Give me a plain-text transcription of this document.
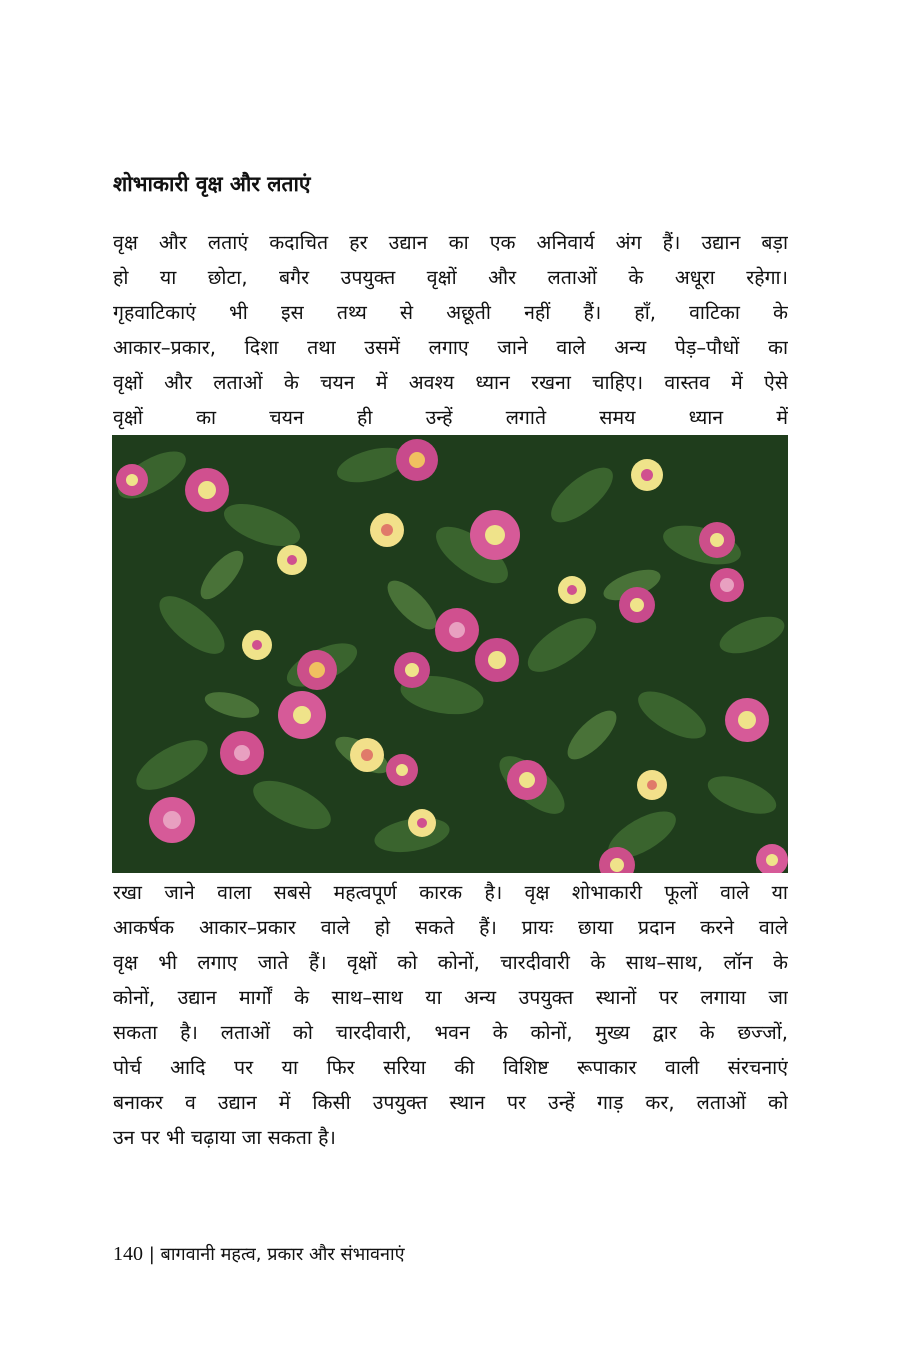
शोभाकारी वृक्ष और लताएं
वृक्ष और लताएं कदाचित हर उद्यान का एक अनिवार्य अंग हैं। उद्यान बड़ा
हो या छोटा, बगैर उपयुक्त वृक्षों और लताओं के अधूरा रहेगा।
गृहवाटिकाएं भी इस तथ्य से अछूती नहीं हैं। हाँ, वाटिका के
आकार–प्रकार, दिशा तथा उसमें लगाए जाने वाले अन्य पेड़–पौधों का
वृक्षों और लताओं के चयन में अवश्य ध्यान रखना चाहिए। वास्तव में ऐसे
वृक्षों का चयन ही उन्हें लगाते समय ध्यान में
रखा जाने वाला सबसे महत्वपूर्ण कारक है। वृक्ष शोभाकारी फूलों वाले या
आकर्षक आकार–प्रकार वाले हो सकते हैं। प्रायः छाया प्रदान करने वाले
वृक्ष भी लगाए जाते हैं। वृक्षों को कोनों, चारदीवारी के साथ–साथ, लॉन के
कोनों, उद्यान मार्गों के साथ–साथ या अन्य उपयुक्त स्थानों पर लगाया जा
सकता है। लताओं को चारदीवारी, भवन के कोनों, मुख्य द्वार के छज्जों,
पोर्च आदि पर या फिर सरिया की विशिष्ट रूपाकार वाली संरचनाएं
बनाकर व उद्यान में किसी उपयुक्त स्थान पर उन्हें गाड़ कर, लताओं को
उन पर भी चढ़ाया जा सकता है।
140 | बागवानी महत्व, प्रकार और संभावनाएं
